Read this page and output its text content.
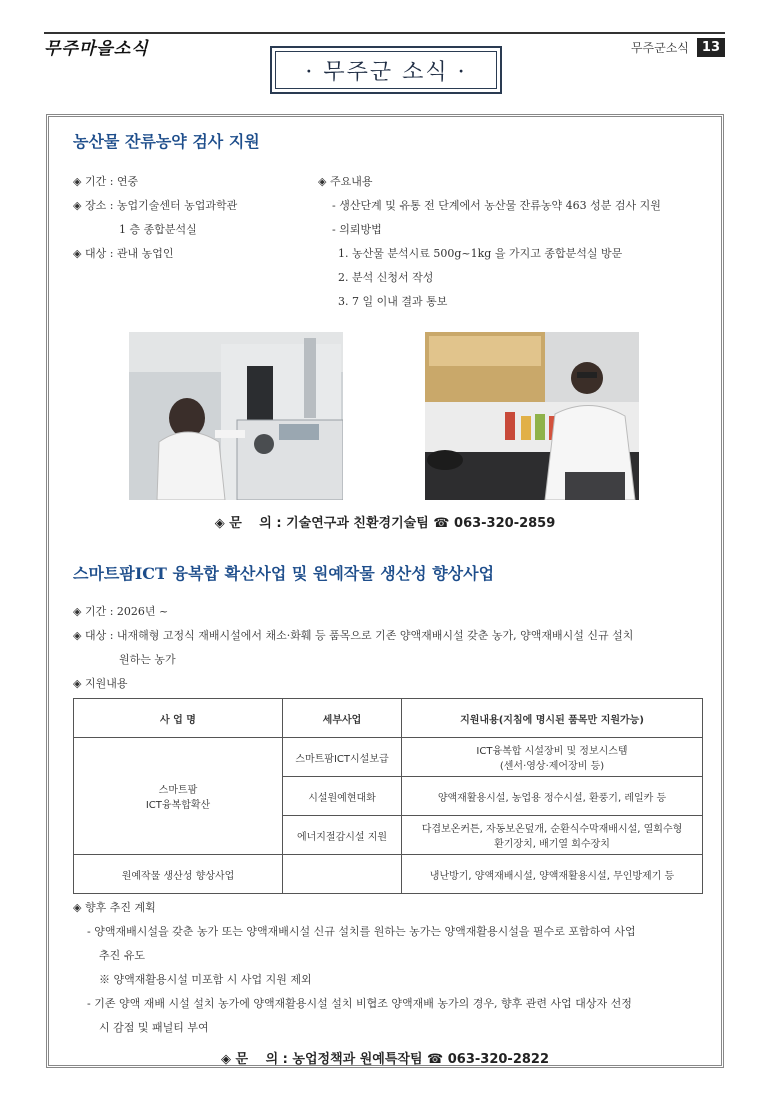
무주마을소식	무주군소식	13
· 무주군 소식 ·
농산물 잔류농약 검사 지원
◈ 기간 : 연중
◈ 장소 : 농업기술센터 농업과학관
1 층 종합분석실
◈ 대상 : 관내 농업인
◈ 주요내용
- 생산단계 및 유통 전 단계에서 농산물 잔류농약 463 성분 검사 지원
- 의뢰방법
1. 농산물 분석시료 500g~1kg 을 가지고 종합분석실 방문
2. 분석 신청서 작성
3. 7 일 이내 결과 통보
◈ 문　 의 : 기술연구과 친환경기술팀 ☎ 063-320-2859
스마트팜ICT 융복합 확산사업 및 원예작물 생산성 향상사업
◈ 기간 : 2026년 ~
◈ 대상 : 내재해형 고정식 재배시설에서 채소·화훼 등 품목으로 기존 양액재배시설 갖춘 농가, 양액재배시설 신규 설치
원하는 농가
◈ 지원내용
사 업 명	세부사업	지원내용(지침에 명시된 품목만 지원가능)
스마트팜
ICT융복합확산	스마트팜ICT시설보급	ICT융복합 시설장비 및 정보시스템
(센서·영상·제어장비 등)
	시설원예현대화	양액재활용시설, 농업용 정수시설, 환풍기, 레일카 등
	에너지절감시설 지원	다겹보온커튼, 자동보온덮개, 순환식수막재배시설, 열회수형
환기장치, 배기열 회수장치
원예작물 생산성 향상사업		냉난방기, 양액재배시설, 양액재활용시설, 무인방제기 등
◈ 향후 추진 계획
- 양액재배시설을 갖춘 농가 또는 양액재배시설 신규 설치를 원하는 농가는 양액재활용시설을 필수로 포함하여 사업
추진 유도
※ 양액재활용시설 미포함 시 사업 지원 제외
- 기존 양액 재배 시설 설치 농가에 양액재활용시설 설치 비협조 양액재배 농가의 경우, 향후 관련 사업 대상자 선정
시 감점 및 패널티 부여
◈ 문　 의 : 농업정책과 원예특작팀 ☎ 063-320-2822
